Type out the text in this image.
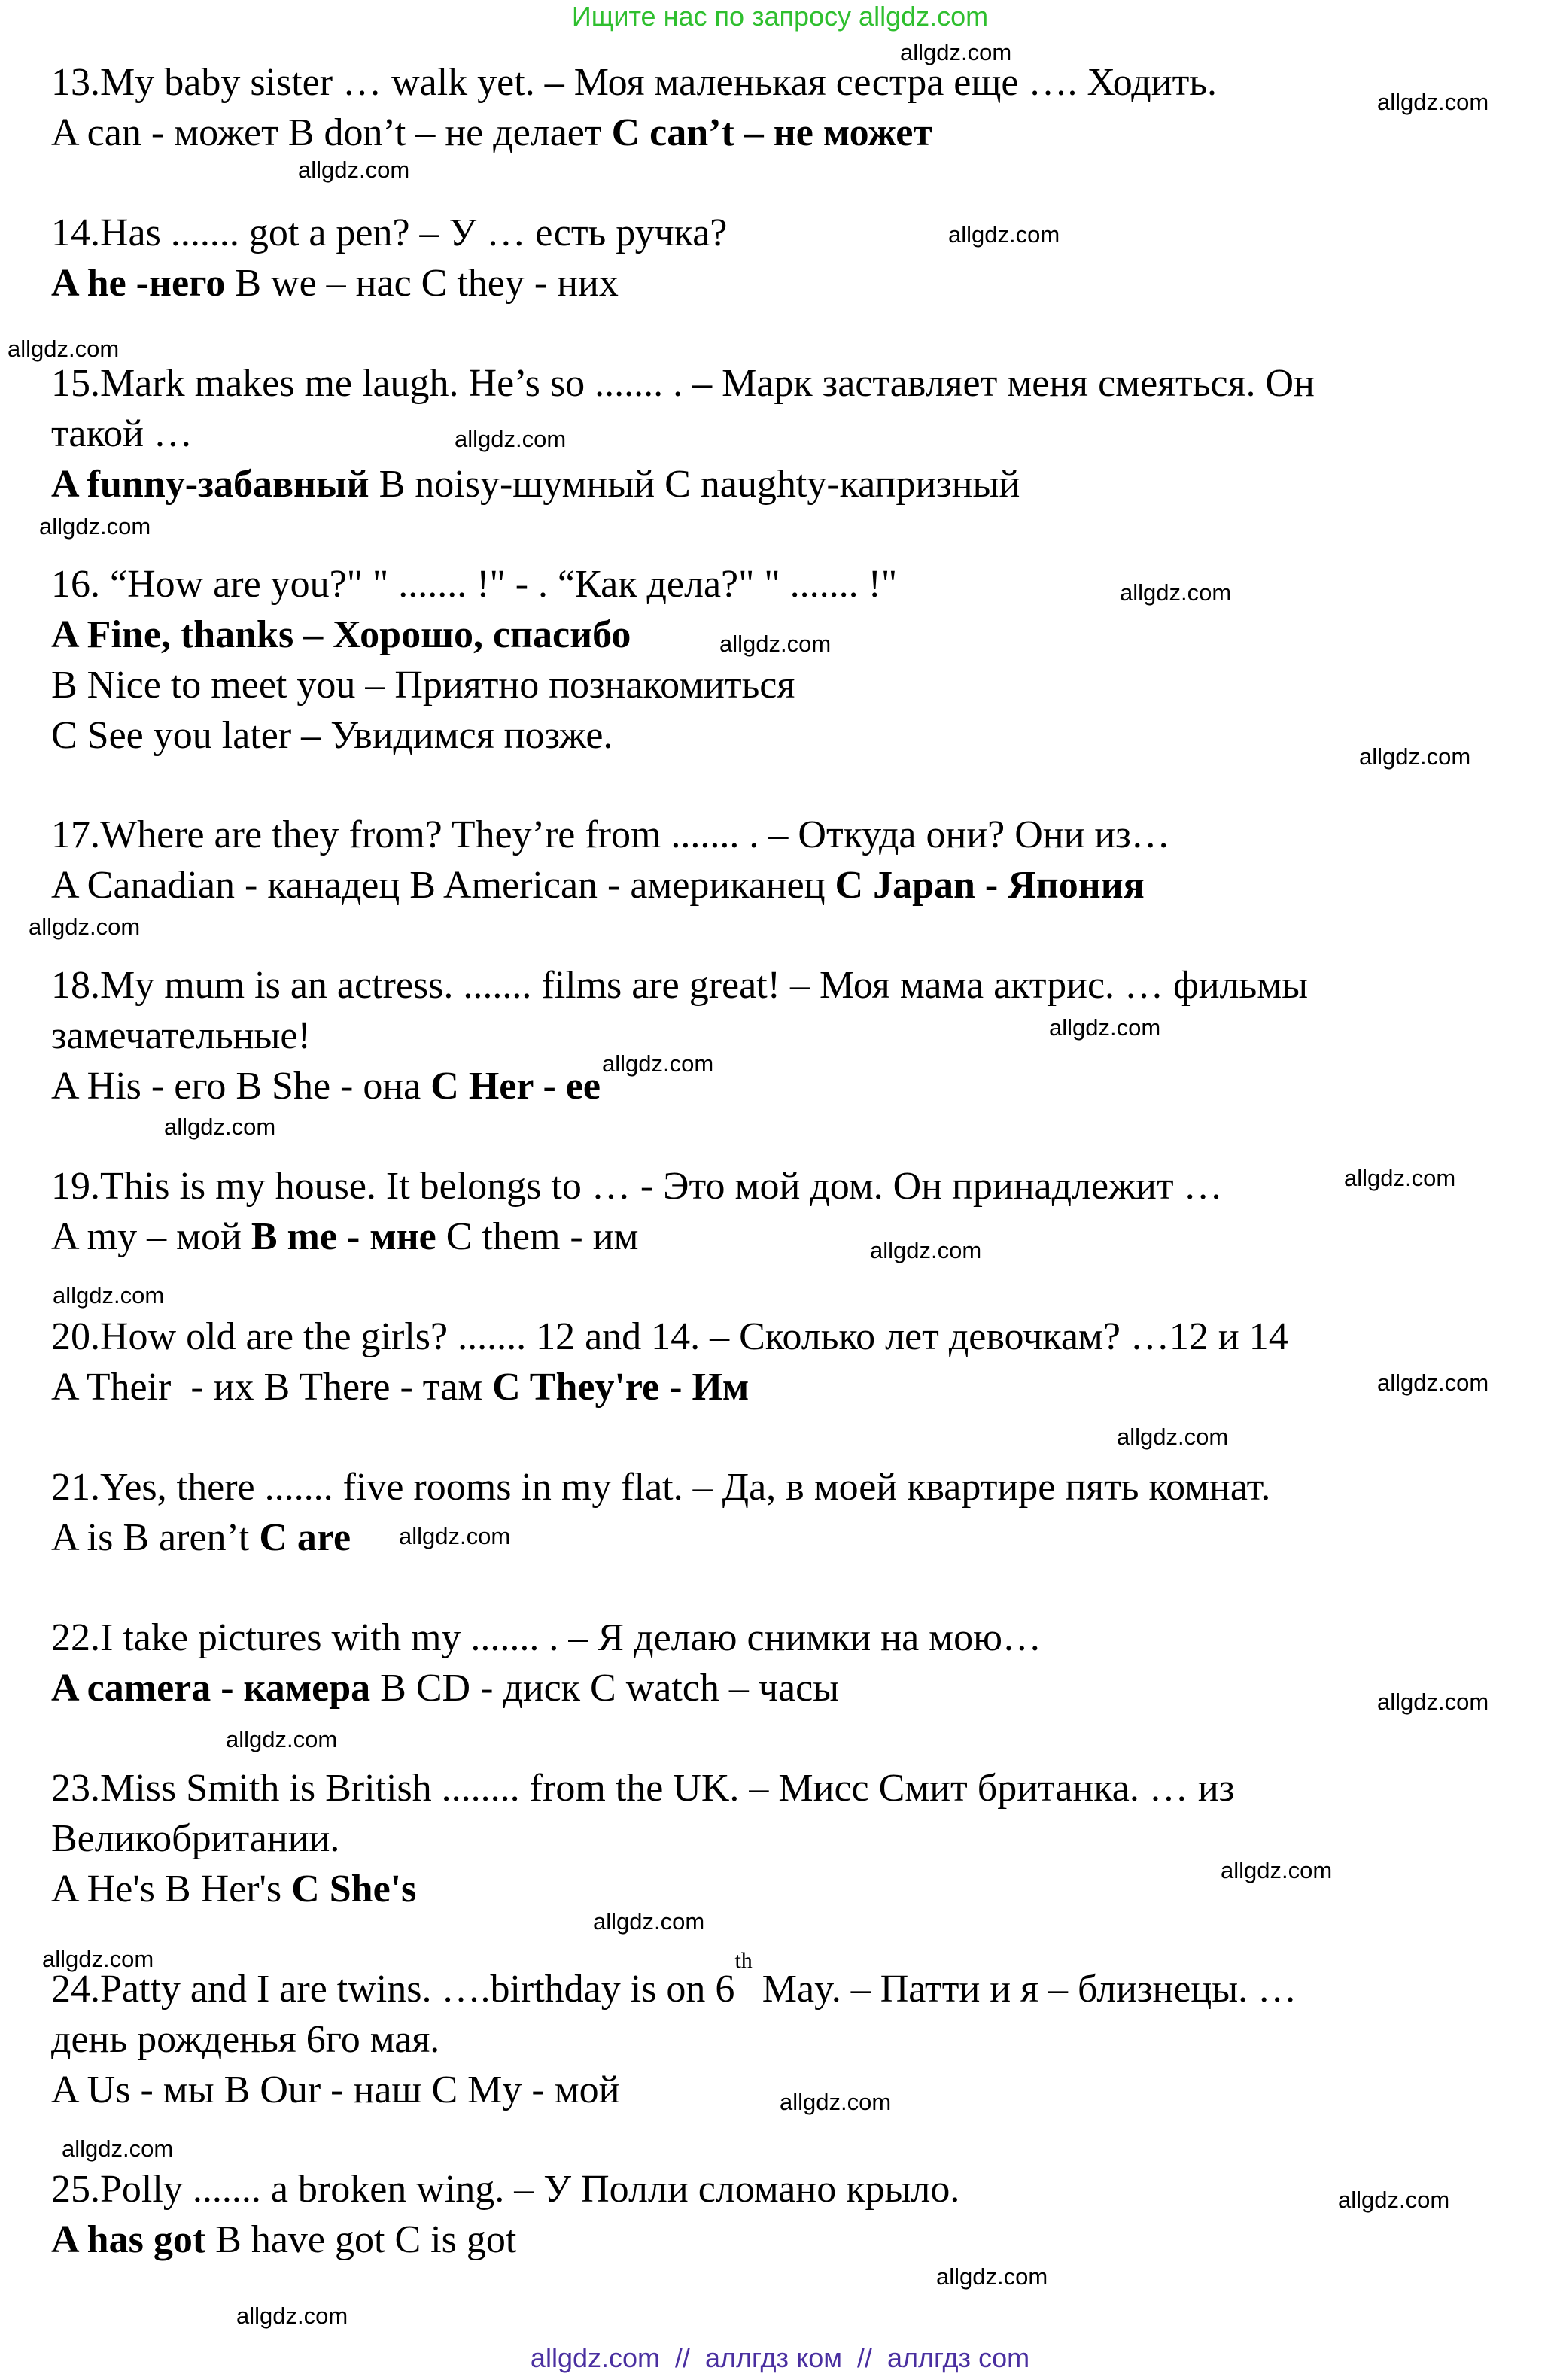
Ищите нас по запросу allgdz.com
13.My baby sister … walk yet. – Моя маленькая сестра еще …. Ходить.
A can - может B don’t – не делает C can’t – не может
14.Has ....... got a pen? – У … есть ручка?
A he -него B we – нас C they - них
15.Mark makes me laugh. He’s so ....... . – Марк заставляет меня смеяться. Он
такой …
A funny-забавный B noisy-шумный C naughty-капризный
16. “How are you?" " ....... !" - . “Как дела?" " ....... !"
A Fine, thanks – Хорошо, спасибо
B Nice to meet you – Приятно познакомиться
C See you later – Увидимся позже.
17.Where are they from? They’re from ....... . – Откуда они? Они из…
A Canadian - канадец B American - американец C Japan - Япония
18.My mum is an actress. ....... films are great! – Моя мама актрис. … фильмы
замечательные!
A His - его B She - она C Her - ее
19.This is my house. It belongs to … - Это мой дом. Он принадлежит …
A my – мой B me - мне C them - им
20.How old are the girls? ....... 12 and 14. – Сколько лет девочкам? …12 и 14
A Their  - их B There - там C They're - Им
21.Yes, there ....... five rooms in my flat. – Да, в моей квартире пять комнат.
A is B aren’t C are
22.I take pictures with my ....... . – Я делаю снимки на мою…
A camera - камера B CD - диск C watch – часы
23.Miss Smith is British ........ from the UK. – Мисс Смит британка. … из
Великобритании.
A He's B Her's C She's
24.Patty and I are twins. ….birthday is on 6th May. – Патти и я – близнецы. …
день рожденья 6го мая.
A Us - мы B Our - наш C My - мой
25.Polly ....... a broken wing. – У Полли сломано крыло.
A has got B have got C is got
allgdz.com
allgdz.com
allgdz.com
allgdz.com
allgdz.com
allgdz.com
allgdz.com
allgdz.com
allgdz.com
allgdz.com
allgdz.com
allgdz.com
allgdz.com
allgdz.com
allgdz.com
allgdz.com
allgdz.com
allgdz.com
allgdz.com
allgdz.com
allgdz.com
allgdz.com
allgdz.com
allgdz.com
allgdz.com
allgdz.com
allgdz.com
allgdz.com
allgdz.com
allgdz.com
allgdz.com  //  аллгдз ком  //  аллгдз com
